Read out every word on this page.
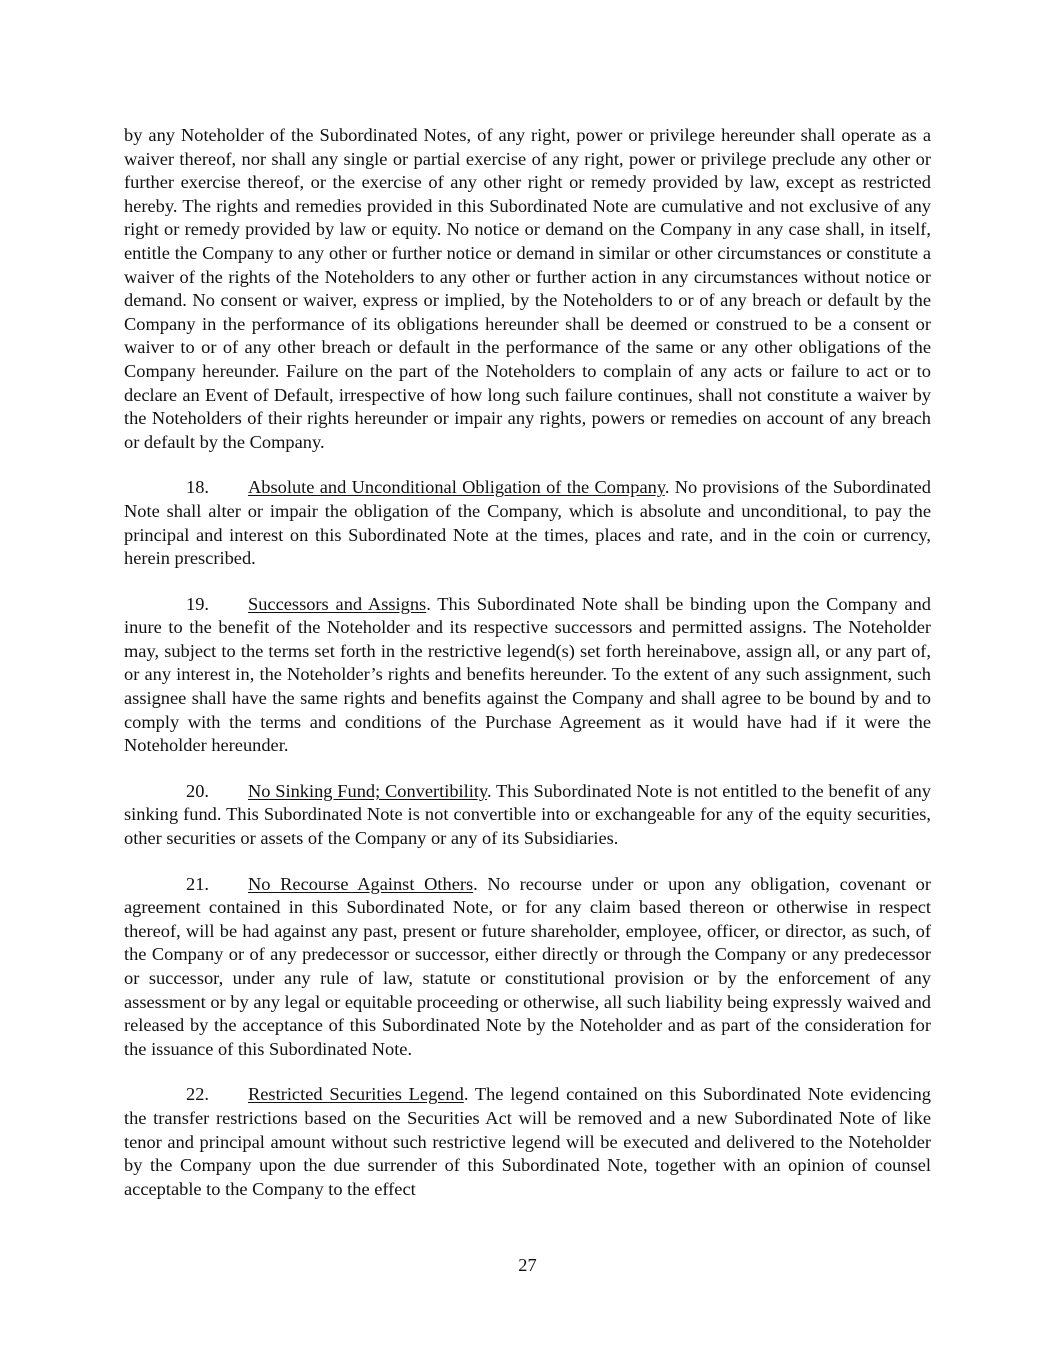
by any Noteholder of the Subordinated Notes, of any right, power or privilege hereunder shall operate as a waiver thereof, nor shall any single or partial exercise of any right, power or privilege preclude any other or further exercise thereof, or the exercise of any other right or remedy provided by law, except as restricted hereby. The rights and remedies provided in this Subordinated Note are cumulative and not exclusive of any right or remedy provided by law or equity. No notice or demand on the Company in any case shall, in itself, entitle the Company to any other or further notice or demand in similar or other circumstances or constitute a waiver of the rights of the Noteholders to any other or further action in any circumstances without notice or demand. No consent or waiver, express or implied, by the Noteholders to or of any breach or default by the Company in the performance of its obligations hereunder shall be deemed or construed to be a consent or waiver to or of any other breach or default in the performance of the same or any other obligations of the Company hereunder. Failure on the part of the Noteholders to complain of any acts or failure to act or to declare an Event of Default, irrespective of how long such failure continues, shall not constitute a waiver by the Noteholders of their rights hereunder or impair any rights, powers or remedies on account of any breach or default by the Company.

18. Absolute and Unconditional Obligation of the Company. No provisions of the Subordinated Note shall alter or impair the obligation of the Company, which is absolute and unconditional, to pay the principal and interest on this Subordinated Note at the times, places and rate, and in the coin or currency, herein prescribed.

19. Successors and Assigns. This Subordinated Note shall be binding upon the Company and inure to the benefit of the Noteholder and its respective successors and permitted assigns. The Noteholder may, subject to the terms set forth in the restrictive legend(s) set forth hereinabove, assign all, or any part of, or any interest in, the Noteholder’s rights and benefits hereunder. To the extent of any such assignment, such assignee shall have the same rights and benefits against the Company and shall agree to be bound by and to comply with the terms and conditions of the Purchase Agreement as it would have had if it were the Noteholder hereunder.

20. No Sinking Fund; Convertibility. This Subordinated Note is not entitled to the benefit of any sinking fund. This Subordinated Note is not convertible into or exchangeable for any of the equity securities, other securities or assets of the Company or any of its Subsidiaries.

21. No Recourse Against Others. No recourse under or upon any obligation, covenant or agreement contained in this Subordinated Note, or for any claim based thereon or otherwise in respect thereof, will be had against any past, present or future shareholder, employee, officer, or director, as such, of the Company or of any predecessor or successor, either directly or through the Company or any predecessor or successor, under any rule of law, statute or constitutional provision or by the enforcement of any assessment or by any legal or equitable proceeding or otherwise, all such liability being expressly waived and released by the acceptance of this Subordinated Note by the Noteholder and as part of the consideration for the issuance of this Subordinated Note.

22. Restricted Securities Legend. The legend contained on this Subordinated Note evidencing the transfer restrictions based on the Securities Act will be removed and a new Subordinated Note of like tenor and principal amount without such restrictive legend will be executed and delivered to the Noteholder by the Company upon the due surrender of this Subordinated Note, together with an opinion of counsel acceptable to the Company to the effect

27
